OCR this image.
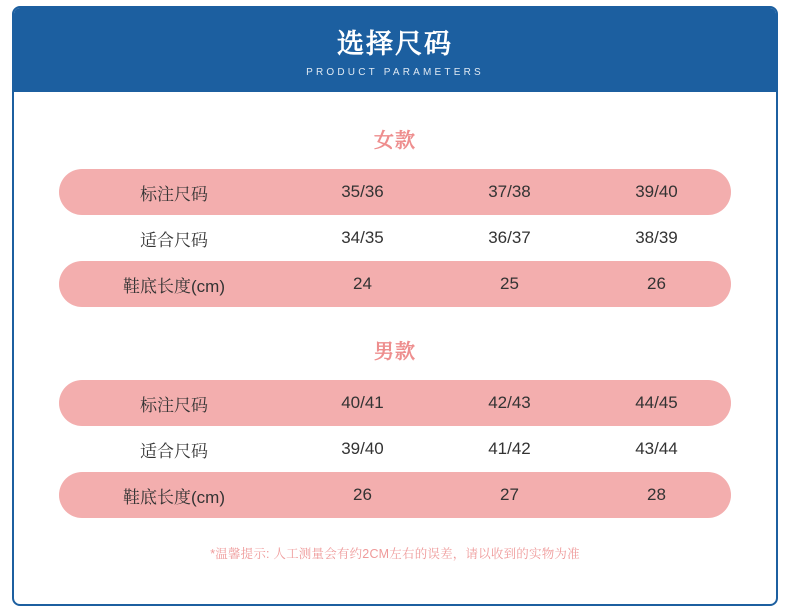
选择尺码
PRODUCT PARAMETERS
女款
标注尺码	35/36	37/38	39/40
适合尺码	34/35	36/37	38/39
鞋底长度(cm)	24	25	26
男款
标注尺码	40/41	42/43	44/45
适合尺码	39/40	41/42	43/44
鞋底长度(cm)	26	27	28
*温馨提示: 人工测量会有约2CM左右的误差，请以收到的实物为准
